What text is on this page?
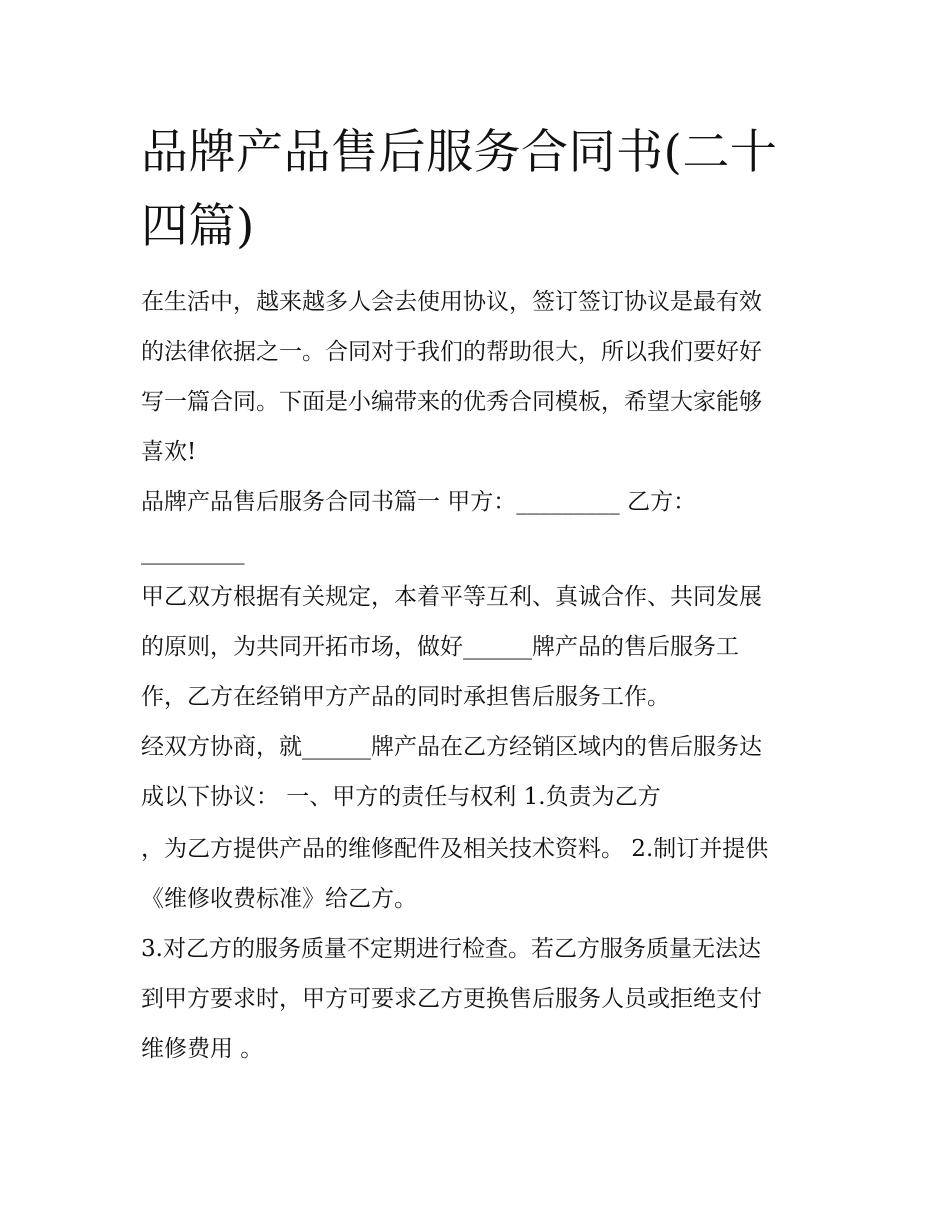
品牌产品售后服务合同书(二十
四篇)
在生活中，越来越多人会去使用协议，签订签订协议是最有效
的法律依据之一。合同对于我们的帮助很大，所以我们要好好
写一篇合同。下面是小编带来的优秀合同模板，希望大家能够
喜欢!
品牌产品售后服务合同书篇一 甲方：_________ 乙方：
_________
甲乙双方根据有关规定，本着平等互利、真诚合作、共同发展
的原则，为共同开拓市场，做好______牌产品的售后服务工
作，乙方在经销甲方产品的同时承担售后服务工作。
经双方协商，就______牌产品在乙方经销区域内的售后服务达
成以下协议： 一、甲方的责任与权利 1.负责为乙方
，为乙方提供产品的维修配件及相关技术资料。 2.制订并提供
《维修收费标准》给乙方。
3.对乙方的服务质量不定期进行检查。若乙方服务质量无法达
到甲方要求时，甲方可要求乙方更换售后服务人员或拒绝支付
维修费用 。
